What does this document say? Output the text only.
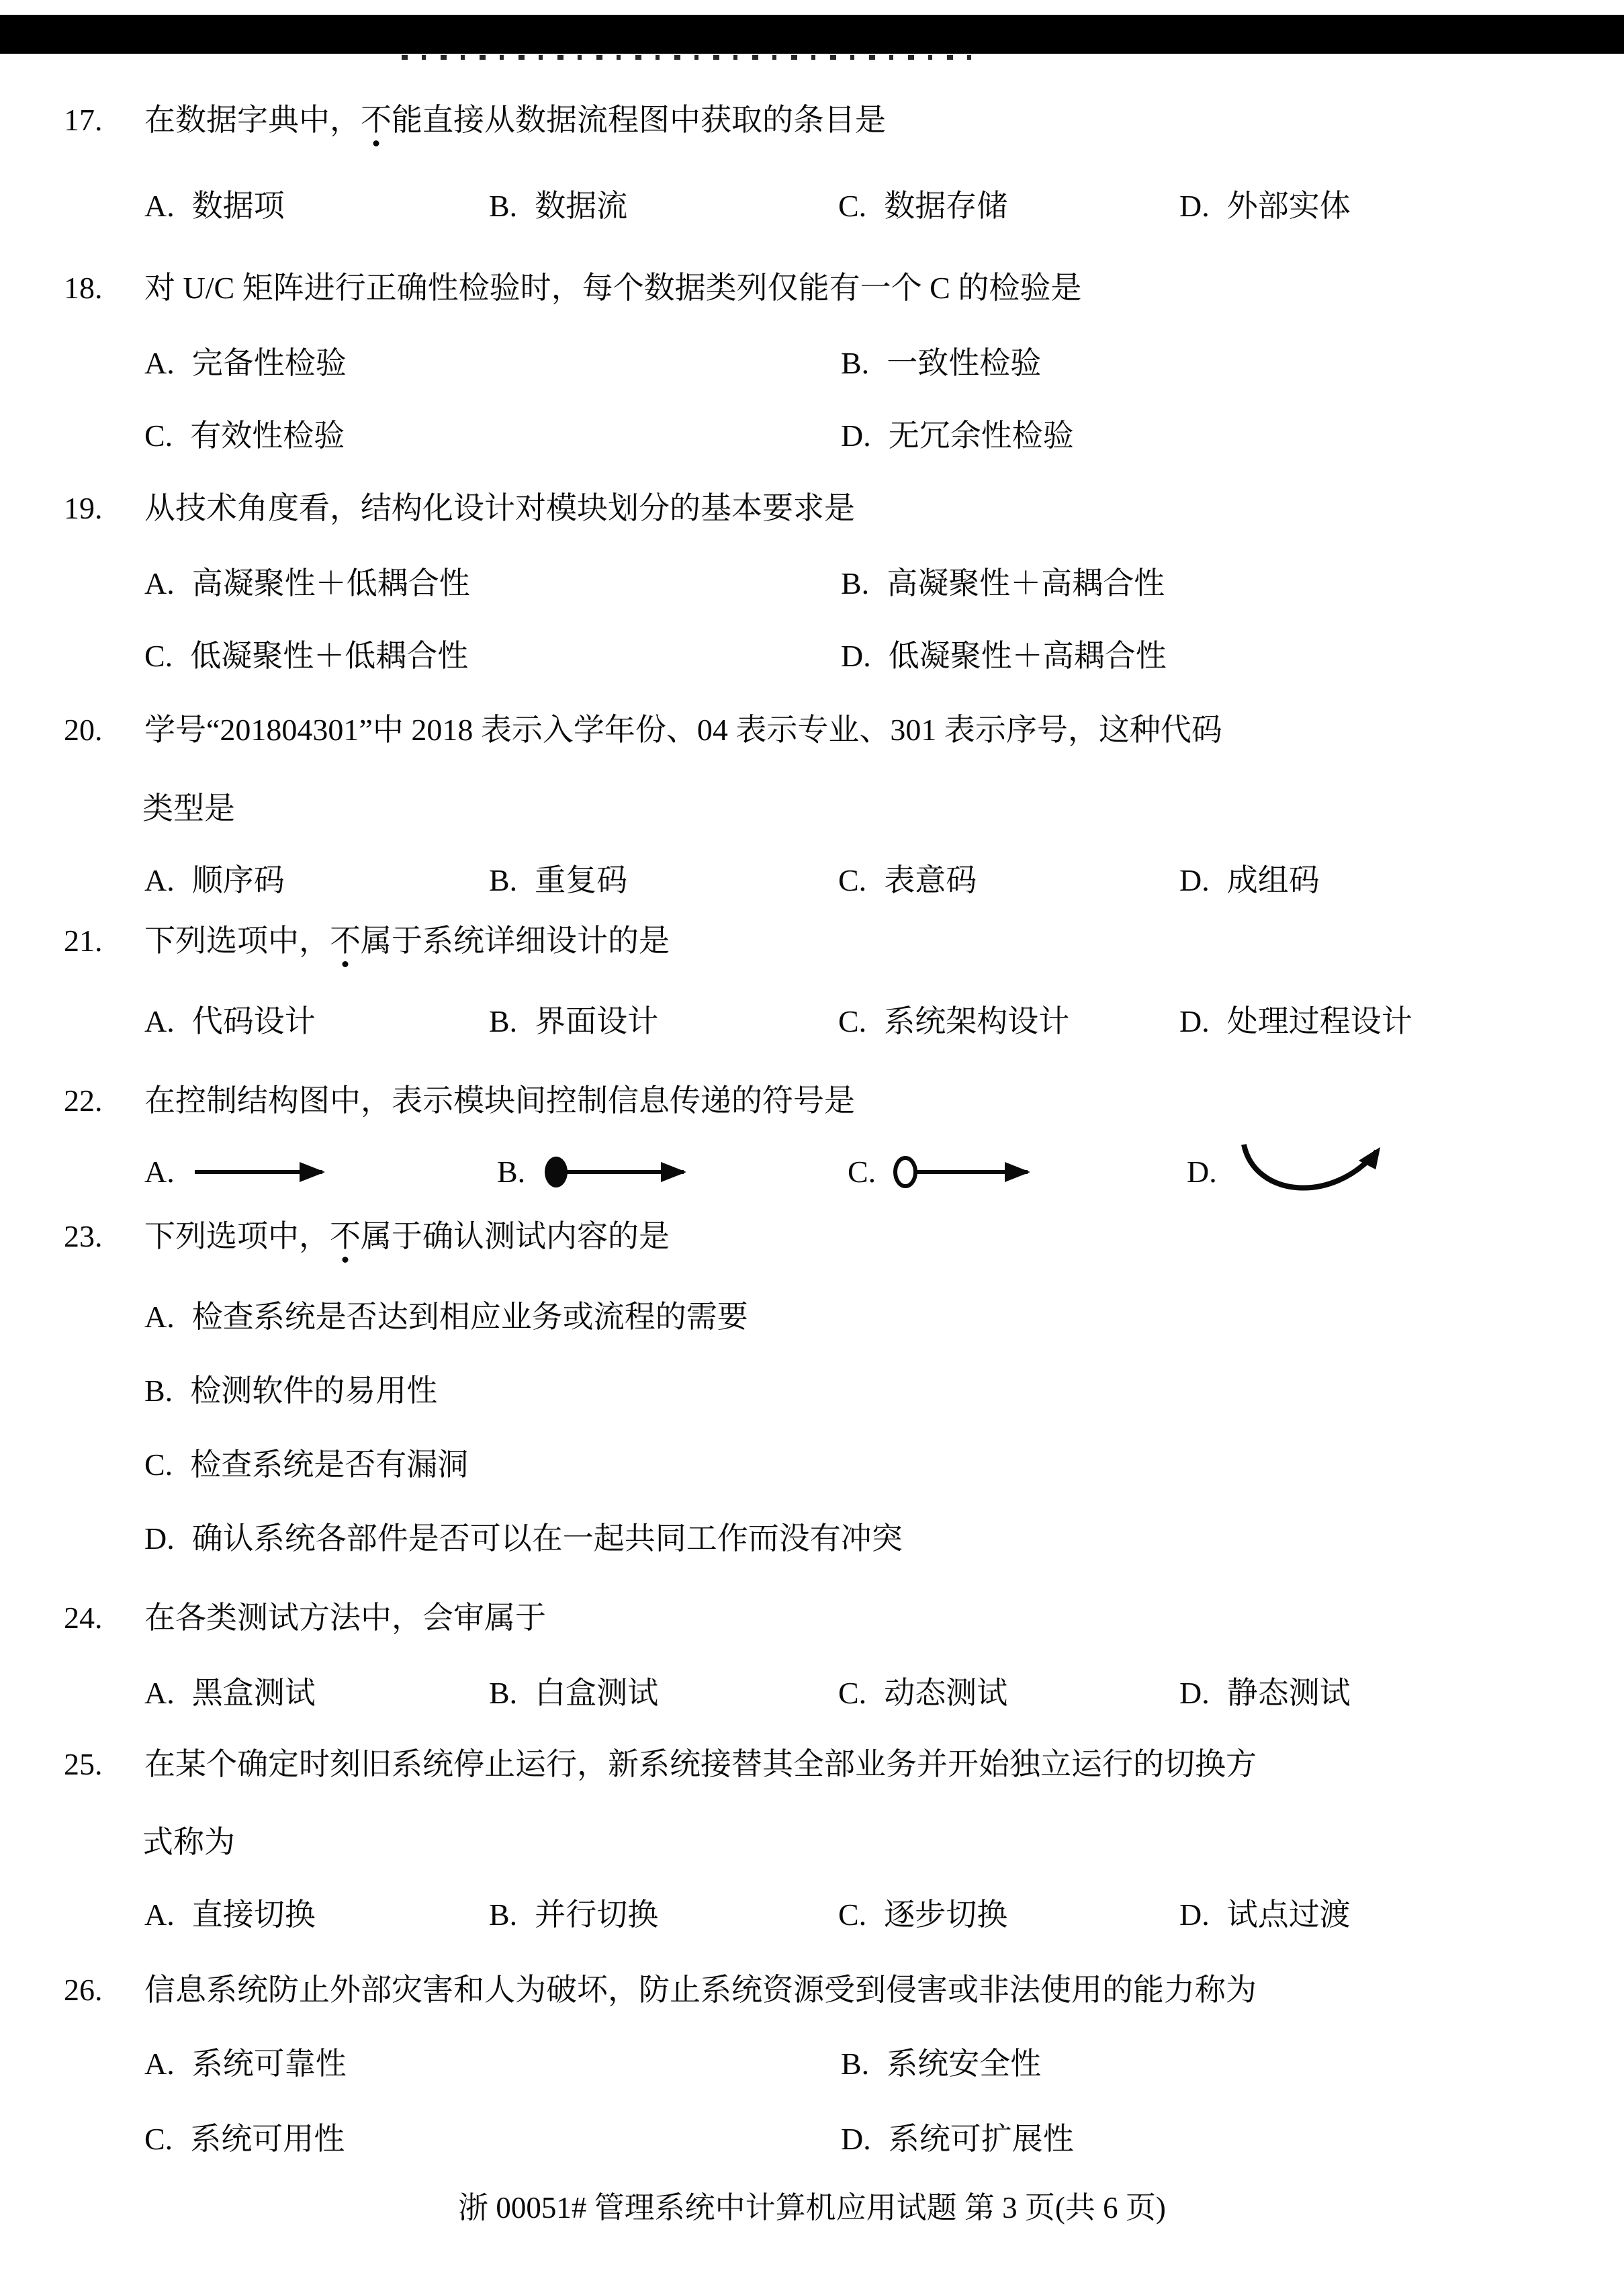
17. 在数据字典中，不能直接从数据流程图中获取的条目是
A. 数据项	B. 数据流	C. 数据存储	D. 外部实体
18. 对 U/C 矩阵进行正确性检验时，每个数据类列仅能有一个 C 的检验是
A. 完备性检验	B. 一致性检验
C. 有效性检验	D. 无冗余性检验
19. 从技术角度看，结构化设计对模块划分的基本要求是
A. 高凝聚性＋低耦合性	B. 高凝聚性＋高耦合性
C. 低凝聚性＋低耦合性	D. 低凝聚性＋高耦合性
20. 学号“201804301”中 2018 表示入学年份、04 表示专业、301 表示序号，这种代码
类型是
A. 顺序码	B. 重复码	C. 表意码	D. 成组码
21. 下列选项中，不属于系统详细设计的是
A. 代码设计	B. 界面设计	C. 系统架构设计	D. 处理过程设计
22. 在控制结构图中，表示模块间控制信息传递的符号是
A.	B.	C.	D.
23. 下列选项中，不属于确认测试内容的是
A. 检查系统是否达到相应业务或流程的需要
B. 检测软件的易用性
C. 检查系统是否有漏洞
D. 确认系统各部件是否可以在一起共同工作而没有冲突
24. 在各类测试方法中，会审属于
A. 黑盒测试	B. 白盒测试	C. 动态测试	D. 静态测试
25. 在某个确定时刻旧系统停止运行，新系统接替其全部业务并开始独立运行的切换方
式称为
A. 直接切换	B. 并行切换	C. 逐步切换	D. 试点过渡
26. 信息系统防止外部灾害和人为破坏，防止系统资源受到侵害或非法使用的能力称为
A. 系统可靠性	B. 系统安全性
C. 系统可用性	D. 系统可扩展性
浙 00051# 管理系统中计算机应用试题 第 3 页(共 6 页)
